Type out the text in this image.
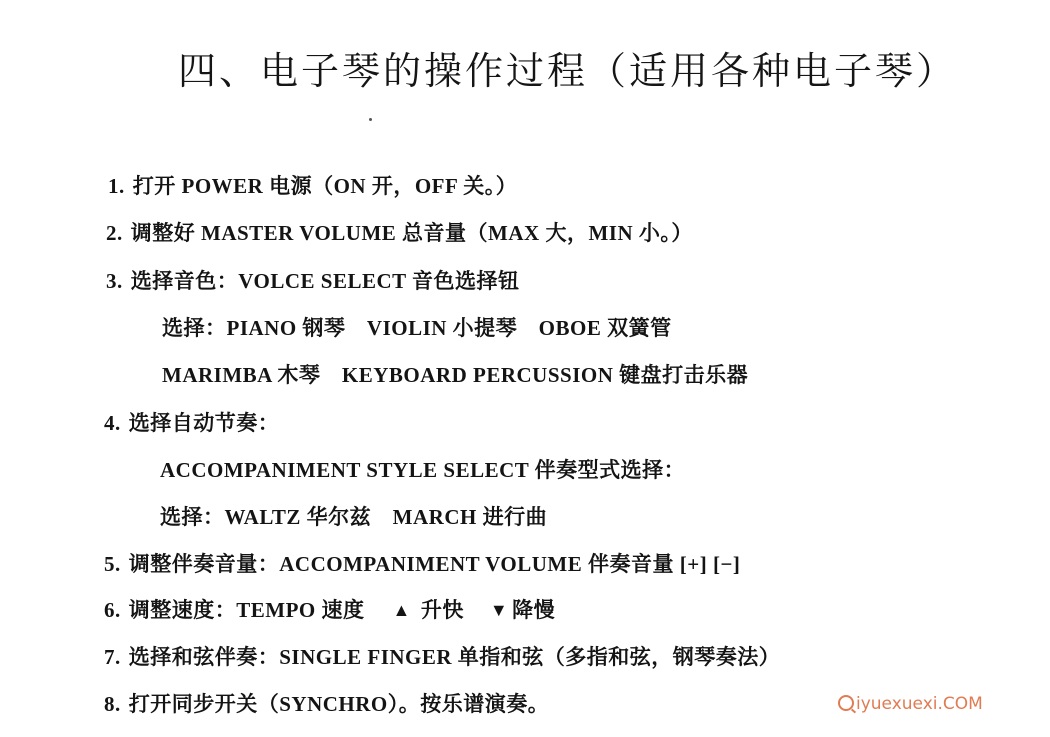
四、电子琴的操作过程（适用各种电子琴）
1. 打开 POWER 电源（ON 开，OFF 关。）
2. 调整好 MASTER VOLUME 总音量（MAX 大，MIN 小。）
3. 选择音色：VOLCE SELECT 音色选择钮
选择：PIANO 钢琴　VIOLIN 小提琴　OBOE 双簧管
MARIMBA 木琴　KEYBOARD PERCUSSION 键盘打击乐器
4. 选择自动节奏：
ACCOMPANIMENT STYLE SELECT 伴奏型式选择：
选择：WALTZ 华尔兹　MARCH 进行曲
5. 调整伴奏音量：ACCOMPANIMENT VOLUME 伴奏音量 [+] [−]
6. 调整速度：TEMPO 速度 ▲ 升快 ▼ 降慢
7. 选择和弦伴奏：SINGLE FINGER 单指和弦（多指和弦，钢琴奏法）
8. 打开同步开关（SYNCHRO）。按乐谱演奏。	iyuexuexi.COM
